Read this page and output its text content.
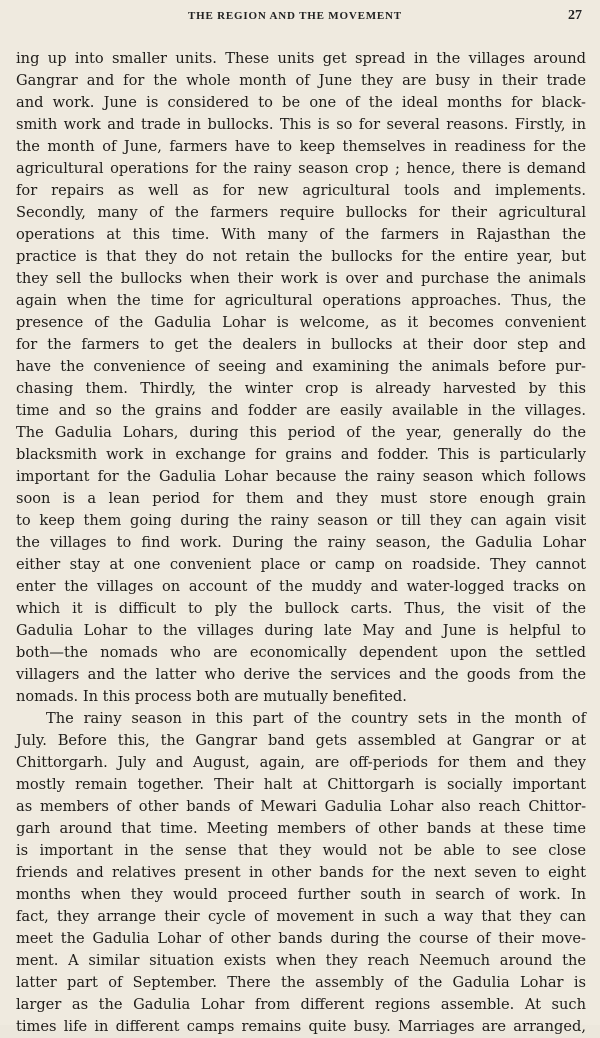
THE REGION AND THE MOVEMENT	27
ing up into smaller units. These units get spread in the villages around
Gangrar and for the whole month of June they are busy in their trade
and work. June is considered to be one of the ideal months for black-
smith work and trade in bullocks. This is so for several reasons. Firstly, in
the month of June, farmers have to keep themselves in readiness for the
agricultural operations for the rainy season crop ; hence, there is demand
for repairs as well as for new agricultural tools and implements.
Secondly, many of the farmers require bullocks for their agricultural
operations at this time. With many of the farmers in Rajasthan the
practice is that they do not retain the bullocks for the entire year, but
they sell the bullocks when their work is over and purchase the animals
again when the time for agricultural operations approaches. Thus, the
presence of the Gadulia Lohar is welcome, as it becomes convenient
for the farmers to get the dealers in bullocks at their door step and
have the convenience of seeing and examining the animals before pur-
chasing them. Thirdly, the winter crop is already harvested by this
time and so the grains and fodder are easily available in the villages.
The Gadulia Lohars, during this period of the year, generally do the
blacksmith work in exchange for grains and fodder. This is particularly
important for the Gadulia Lohar because the rainy season which follows
soon is a lean period for them and they must store enough grain
to keep them going during the rainy season or till they can again visit
the villages to find work. During the rainy season, the Gadulia Lohar
either stay at one convenient place or camp on roadside. They cannot
enter the villages on account of the muddy and water-logged tracks on
which it is difficult to ply the bullock carts. Thus, the visit of the
Gadulia Lohar to the villages during late May and June is helpful to
both—the nomads who are economically dependent upon the settled
villagers and the latter who derive the services and the goods from the
nomads. In this process both are mutually benefited.
The rainy season in this part of the country sets in the month of
July. Before this, the Gangrar band gets assembled at Gangrar or at
Chittorgarh. July and August, again, are off-periods for them and they
mostly remain together. Their halt at Chittorgarh is socially important
as members of other bands of Mewari Gadulia Lohar also reach Chittor-
garh around that time. Meeting members of other bands at these time
is important in the sense that they would not be able to see close
friends and relatives present in other bands for the next seven to eight
months when they would proceed further south in search of work. In
fact, they arrange their cycle of movement in such a way that they can
meet the Gadulia Lohar of other bands during the course of their move-
ment. A similar situation exists when they reach Neemuch around the
latter part of September. There the assembly of the Gadulia Lohar is
larger as the Gadulia Lohar from different regions assemble. At such
times life in different camps remains quite busy. Marriages are arranged,
